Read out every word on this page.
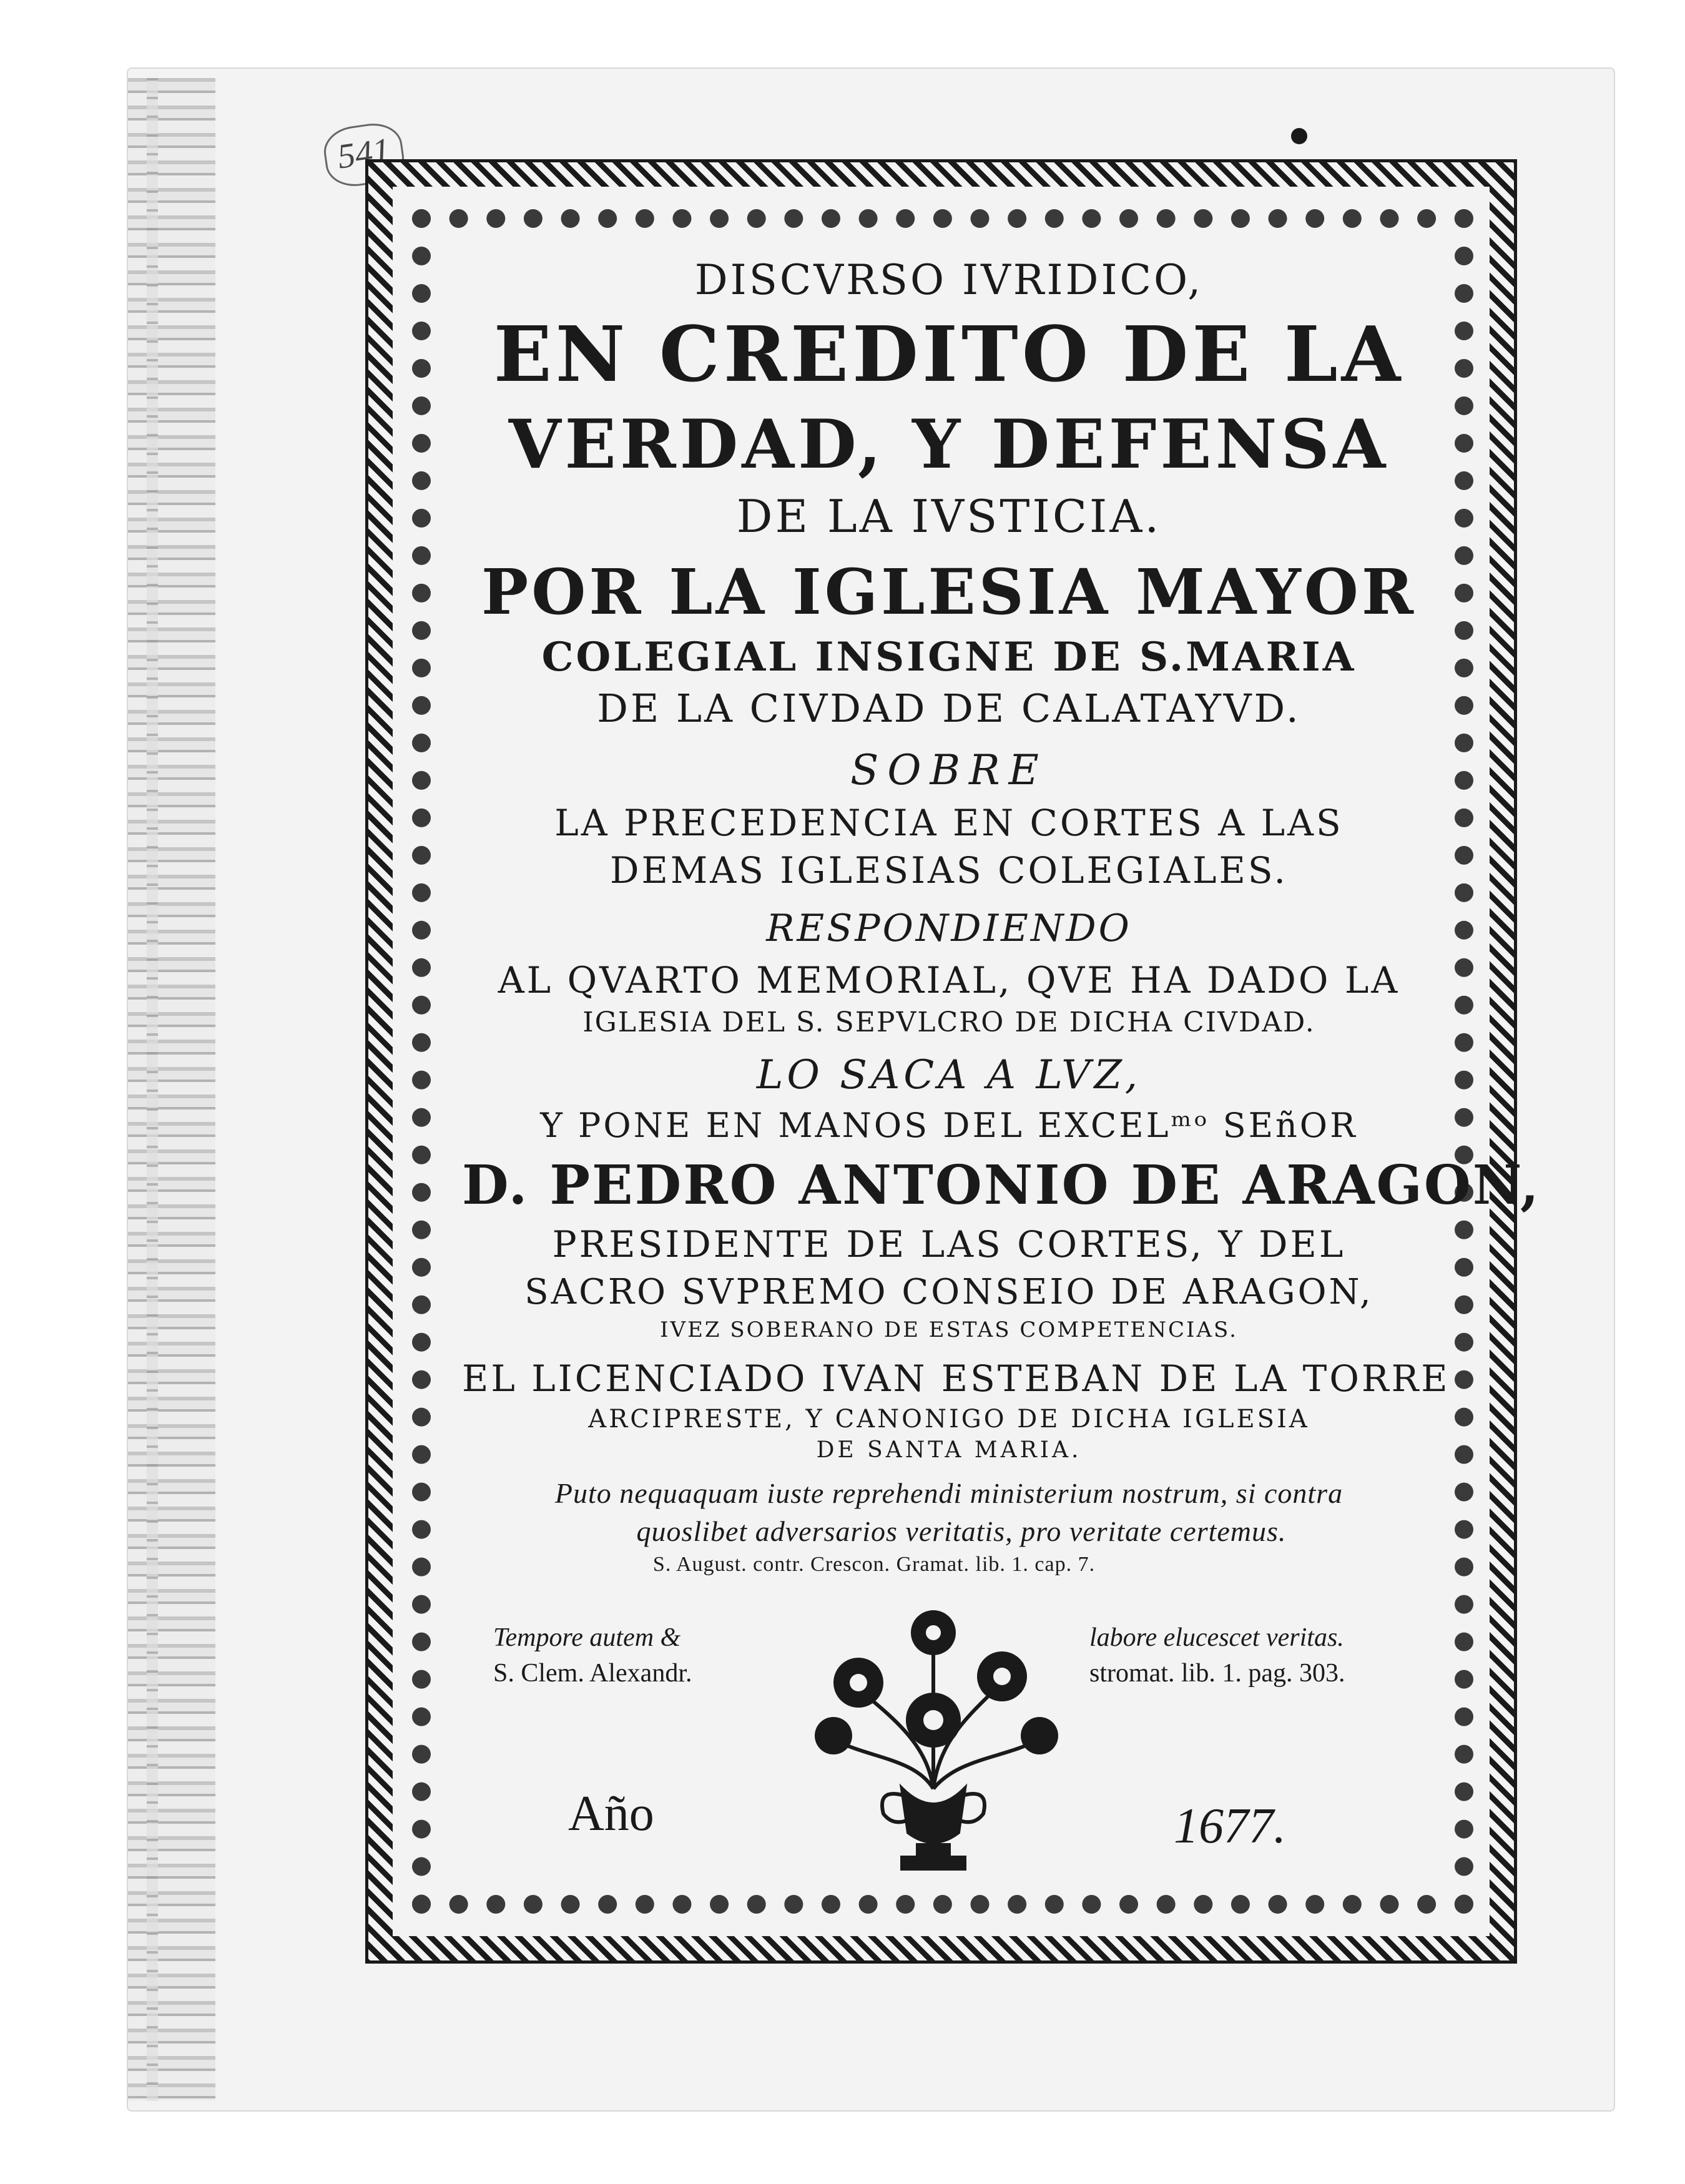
541
DISCVRSO IVRIDICO,
EN CREDITO DE LA
VERDAD, Y DEFENSA
DE LA IVSTICIA.
POR LA IGLESIA MAYOR
COLEGIAL INSIGNE DE S.MARIA
DE LA CIVDAD DE CALATAYVD.
SOBRE
LA PRECEDENCIA EN CORTES A LAS
DEMAS IGLESIAS COLEGIALES.
RESPONDIENDO
AL QVARTO MEMORIAL, QVE HA DADO LA
IGLESIA DEL S. SEPVLCRO DE DICHA CIVDAD.
LO SACA A LVZ,
Y PONE EN MANOS DEL EXCELᵐᵒ SEñOR
D. PEDRO ANTONIO DE ARAGON,
PRESIDENTE DE LAS CORTES, Y DEL
SACRO SVPREMO CONSEIO DE ARAGON,
IVEZ SOBERANO DE ESTAS COMPETENCIAS.
EL LICENCIADO IVAN ESTEBAN DE LA TORRE
ARCIPRESTE, Y CANONIGO DE DICHA IGLESIA
DE SANTA MARIA.
Puto nequaquam iuste reprehendi ministerium nostrum, si contra
quoslibet adversarios veritatis, pro veritate certemus.
S. August. contr. Crescon. Gramat. lib. 1. cap. 7.
Tempore autem &
S. Clem. Alexandr.
labore elucescet veritas.
stromat. lib. 1. pag. 303.
Año	1677.
